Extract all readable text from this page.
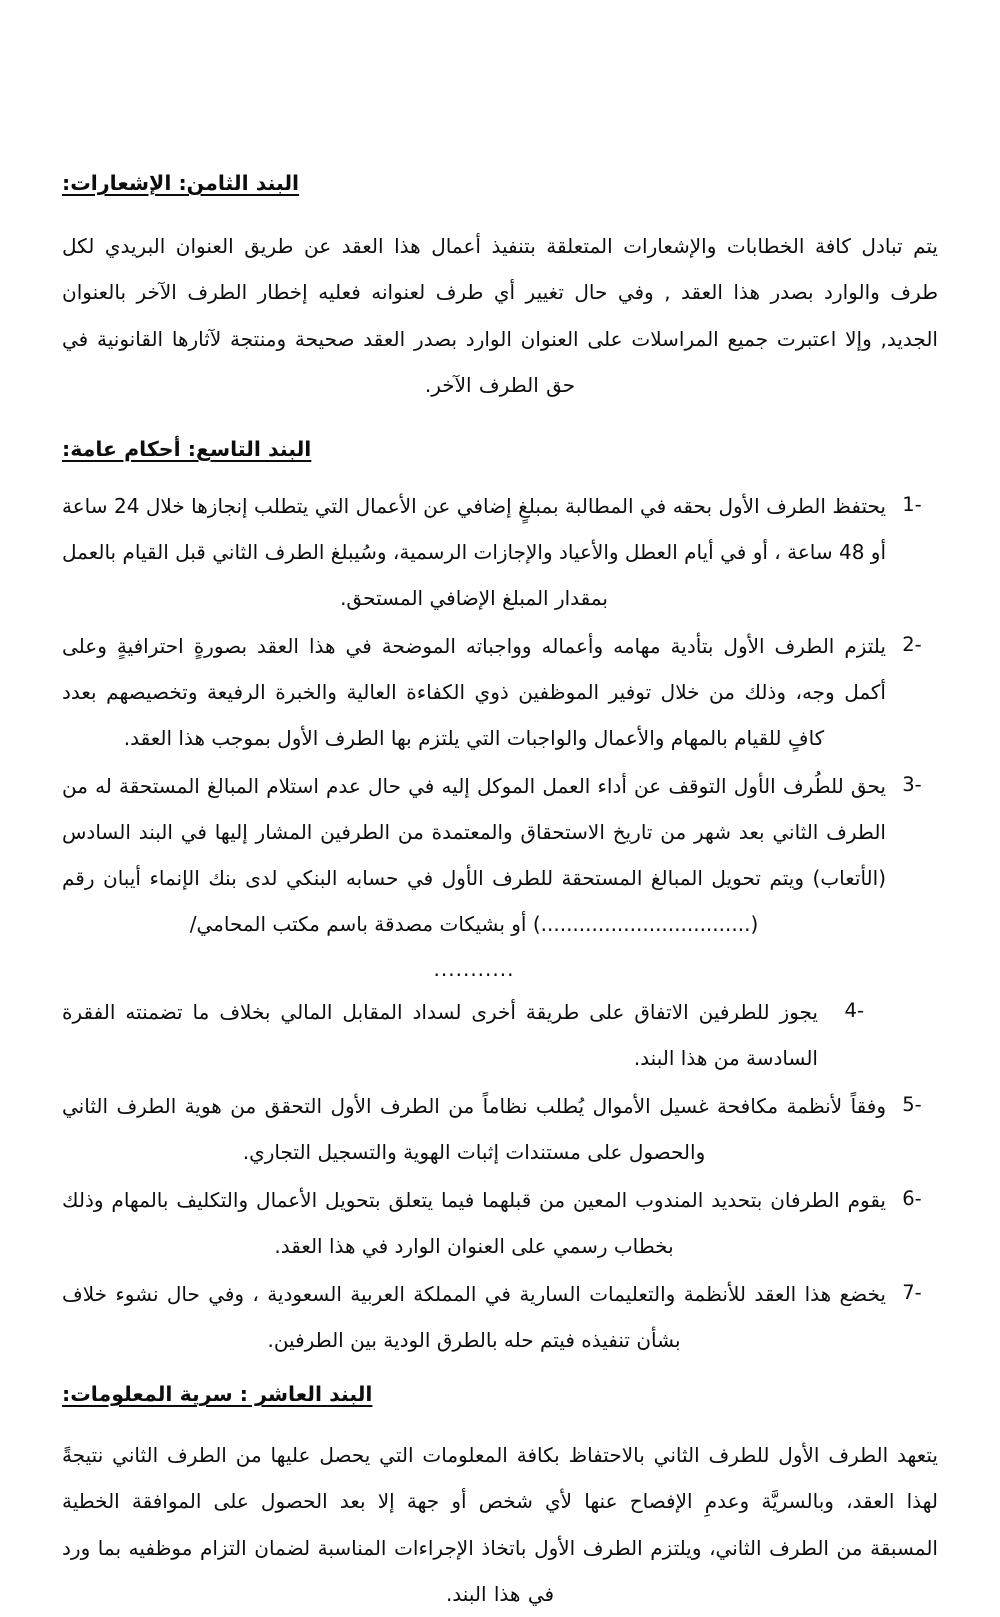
البند الثامن: الإشعارات:

يتم تبادل كافة الخطابات والإشعارات المتعلقة بتنفيذ أعمال هذا العقد عن طريق العنوان البريدي لكل طرف والوارد بصدر هذا العقد , وفي حال تغيير أي طرف لعنوانه فعليه إخطار الطرف الآخر بالعنوان الجديد, وإلا اعتبرت جميع المراسلات على العنوان الوارد بصدر العقد صحيحة ومنتجة لآثارها القانونية في حق الطرف الآخر.

البند التاسع: أحكام عامة:
1-
يحتفظ الطرف الأول بحقه في المطالبة بمبلغٍ إضافي عن الأعمال التي يتطلب إنجازها خلال 24 ساعة أو 48 ساعة ، أو في أيام العطل والأعياد والإجازات الرسمية، وسُيبلغ الطرف الثاني قبل القيام بالعمل بمقدار المبلغ الإضافي المستحق.
2-
يلتزم الطرف الأول بتأدية مهامه وأعماله وواجباته الموضحة في هذا العقد بصورةٍ احترافيةٍ وعلى أكمل وجه، وذلك من خلال توفير الموظفين ذوي الكفاءة العالية والخبرة الرفيعة وتخصيصهم بعدد كافٍ للقيام بالمهام والأعمال والواجبات التي يلتزم بها الطرف الأول بموجب هذا العقد.
3-
يحق للطُرف الأول التوقف عن أداء العمل الموكل إليه في حال عدم استلام المبالغ المستحقة له من الطرف الثاني بعد شهر من تاريخ الاستحقاق والمعتمدة من الطرفين المشار إليها في البند السادس (الأتعاب) ويتم تحويل المبالغ المستحقة للطرف الأول في حسابه البنكي لدى بنك الإنماء أيبان رقم (.................................) أو بشيكات مصدقة باسم مكتب المحامي/
...........
4-
يجوز للطرفين الاتفاق على طريقة أخرى لسداد المقابل المالي بخلاف ما تضمنته الفقرة السادسة من هذا البند.
5-
وفقاً لأنظمة مكافحة غسيل الأموال يُطلب نظاماً من الطرف الأول التحقق من هوية الطرف الثاني والحصول على مستندات إثبات الهوية والتسجيل التجاري.
6-
يقوم الطرفان بتحديد المندوب المعين من قبلهما فيما يتعلق بتحويل الأعمال والتكليف بالمهام وذلك بخطاب رسمي على العنوان الوارد في هذا العقد.
7-
يخضع هذا العقد للأنظمة والتعليمات السارية في المملكة العربية السعودية ، وفي حال نشوء خلاف بشأن تنفيذه فيتم حله بالطرق الودية بين الطرفين.
البند العاشر : سرية المعلومات:

يتعهد الطرف الأول للطرف الثاني بالاحتفاظ بكافة المعلومات التي يحصل عليها من الطرف الثاني نتيجةً لهذا العقد، وبالسريَّة وعدمِ الإفصاح عنها لأي شخص أو جهة إلا بعد الحصول على الموافقة الخطية المسبقة من الطرف الثاني، ويلتزم الطرف الأول باتخاذ الإجراءات المناسبة لضمان التزام موظفيه بما ورد في هذا البند.
